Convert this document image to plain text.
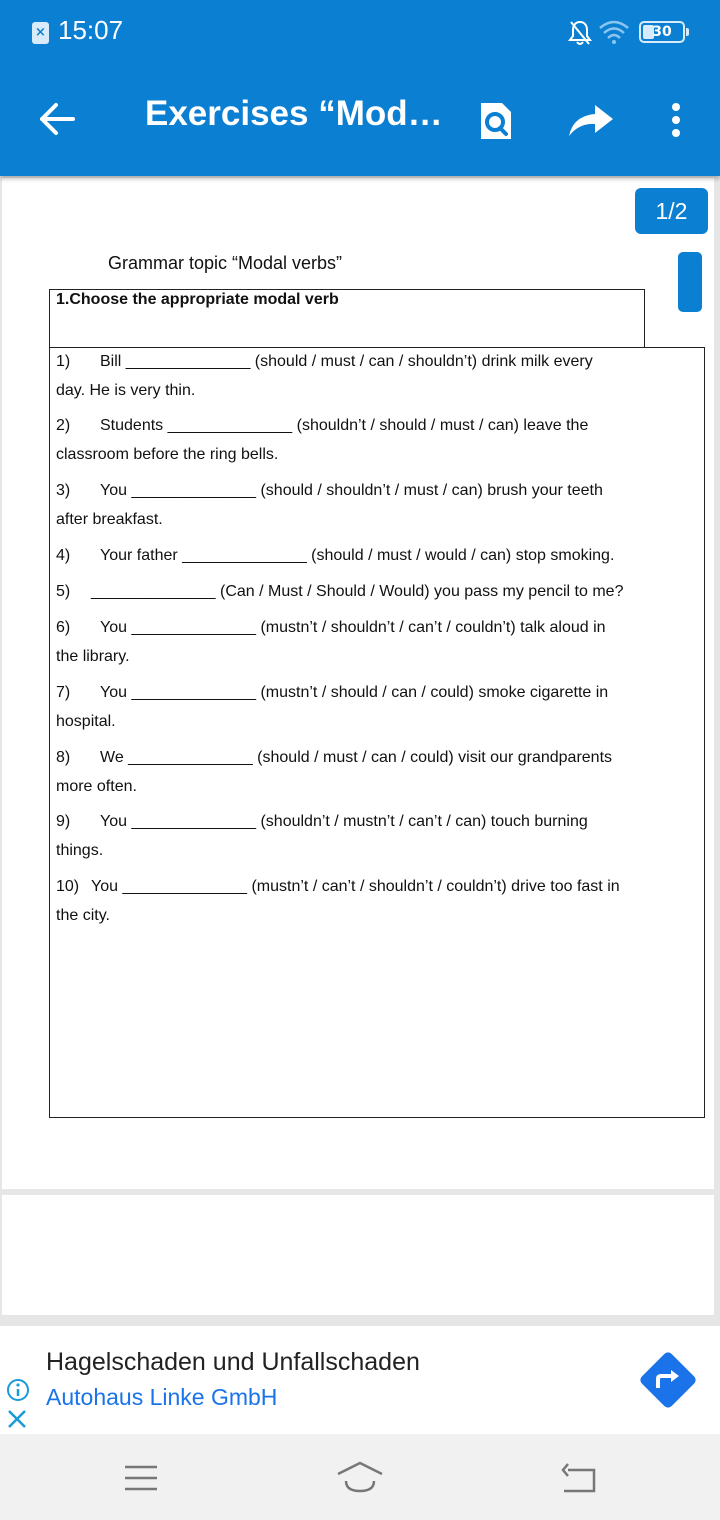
× 15:07	30
Exercises “Mod…
1/2
Grammar topic “Modal verbs”
1.Choose the appropriate modal verb
1) Bill ______________ (should / must / can / shouldn’t) drink milk every
day. He is very thin.
2) Students ______________ (shouldn’t / should / must / can) leave the
classroom before the ring bells.
3) You ______________ (should / shouldn’t / must / can) brush your teeth
after breakfast.
4) Your father ______________ (should / must / would / can) stop smoking.
5) ______________ (Can / Must / Should / Would) you pass my pencil to me?
6) You ______________ (mustn’t / shouldn’t / can’t / couldn’t) talk aloud in
the library.
7) You ______________ (mustn’t / should / can / could) smoke cigarette in
hospital.
8) We ______________ (should / must / can / could) visit our grandparents
more often.
9) You ______________ (shouldn’t / mustn’t / can’t / can) touch burning
things.
10) You ______________ (mustn’t / can’t / shouldn’t / couldn’t) drive too fast in
the city.
Hagelschaden und Unfallschaden
Autohaus Linke GmbH
